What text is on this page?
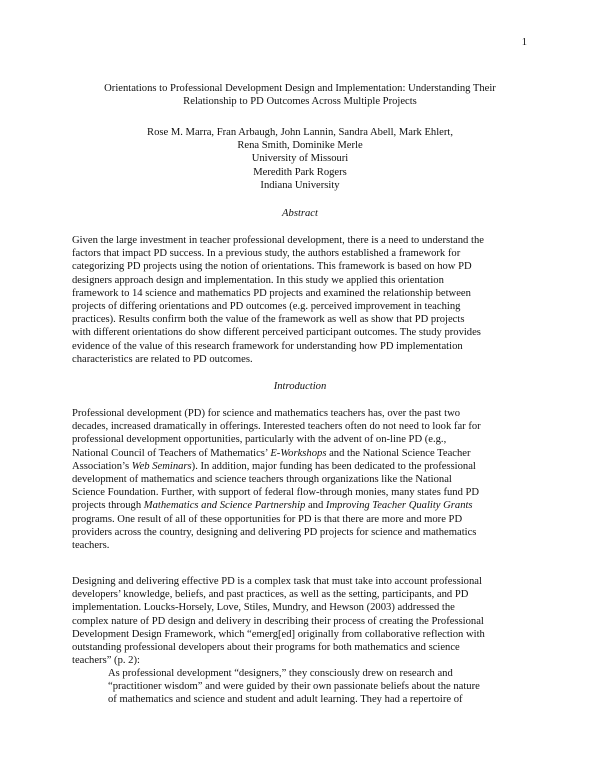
1
Orientations to Professional Development Design and Implementation: Understanding Their
Relationship to PD Outcomes Across Multiple Projects
Rose M. Marra, Fran Arbaugh, John Lannin, Sandra Abell, Mark Ehlert,
Rena Smith, Dominike Merle
University of Missouri
Meredith Park Rogers
Indiana University
Abstract
Given the large investment in teacher professional development, there is a need to understand the
factors that impact PD success. In a previous study, the authors established a framework for
categorizing PD projects using the notion of orientations. This framework is based on how PD
designers approach design and implementation. In this study we applied this orientation
framework to 14 science and mathematics PD projects and examined the relationship between
projects of differing orientations and PD outcomes (e.g. perceived improvement in teaching
practices). Results confirm both the value of the framework as well as show that PD projects
with different orientations do show different perceived participant outcomes. The study provides
evidence of the value of this research framework for understanding how PD implementation
characteristics are related to PD outcomes.
Introduction
Professional development (PD) for science and mathematics teachers has, over the past two
decades, increased dramatically in offerings. Interested teachers often do not need to look far for
professional development opportunities, particularly with the advent of on-line PD (e.g.,
National Council of Teachers of Mathematics’ E-Workshops and the National Science Teacher
Association’s Web Seminars). In addition, major funding has been dedicated to the professional
development of mathematics and science teachers through organizations like the National
Science Foundation. Further, with support of federal flow-through monies, many states fund PD
projects through Mathematics and Science Partnership and Improving Teacher Quality Grants
programs. One result of all of these opportunities for PD is that there are more and more PD
providers across the country, designing and delivering PD projects for science and mathematics
teachers.
Designing and delivering effective PD is a complex task that must take into account professional
developers’ knowledge, beliefs, and past practices, as well as the setting, participants, and PD
implementation. Loucks-Horsely, Love, Stiles, Mundry, and Hewson (2003) addressed the
complex nature of PD design and delivery in describing their process of creating the Professional
Development Design Framework, which “emerg[ed] originally from collaborative reflection with
outstanding professional developers about their programs for both mathematics and science
teachers” (p. 2):
As professional development “designers,” they consciously drew on research and
“practitioner wisdom” and were guided by their own passionate beliefs about the nature
of mathematics and science and student and adult learning. They had a repertoire of
